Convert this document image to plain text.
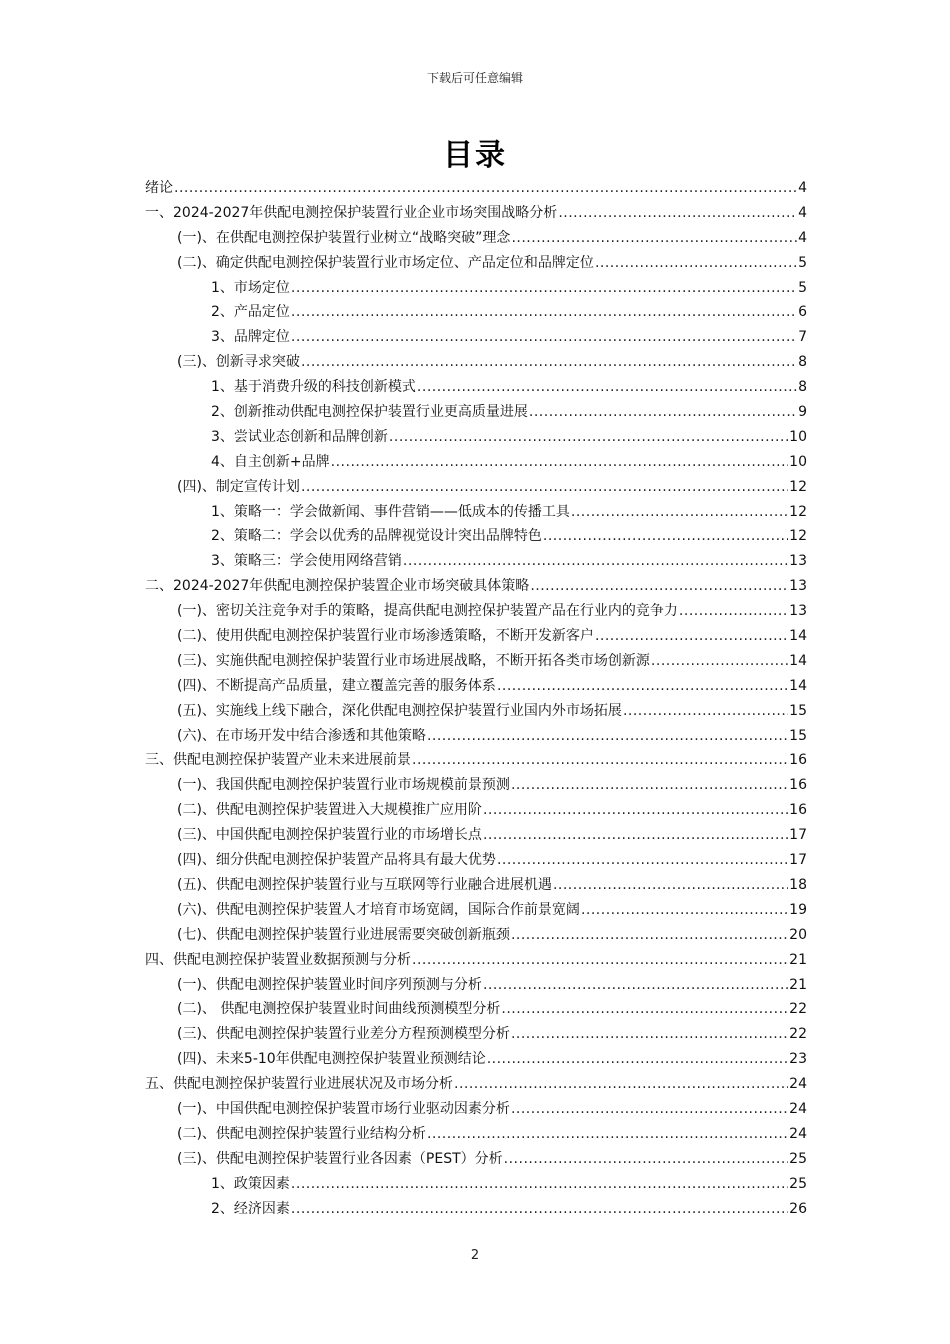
下载后可任意编辑
目录
绪论 .....	4
一、2024-2027年供配电测控保护装置行业企业市场突围战略分析 .....	4
(一)、在供配电测控保护装置行业树立“战略突破”理念 .....	4
(二)、确定供配电测控保护装置行业市场定位、产品定位和品牌定位 .....	5
1、市场定位 .....	5
2、产品定位 .....	6
3、品牌定位 .....	7
(三)、创新寻求突破 .....	8
1、基于消费升级的科技创新模式 .....	8
2、创新推动供配电测控保护装置行业更高质量进展 .....	9
3、尝试业态创新和品牌创新 .....	10
4、自主创新+品牌 .....	10
(四)、制定宣传计划 .....	12
1、策略一：学会做新闻、事件营销——低成本的传播工具 .....	12
2、策略二：学会以优秀的品牌视觉设计突出品牌特色 .....	12
3、策略三：学会使用网络营销 .....	13
二、2024-2027年供配电测控保护装置企业市场突破具体策略 .....	13
(一)、密切关注竞争对手的策略，提高供配电测控保护装置产品在行业内的竞争力 .....	13
(二)、使用供配电测控保护装置行业市场渗透策略，不断开发新客户 .....	14
(三)、实施供配电测控保护装置行业市场进展战略，不断开拓各类市场创新源 .....	14
(四)、不断提高产品质量，建立覆盖完善的服务体系 .....	14
(五)、实施线上线下融合，深化供配电测控保护装置行业国内外市场拓展 .....	15
(六)、在市场开发中结合渗透和其他策略 .....	15
三、供配电测控保护装置产业未来进展前景 .....	16
(一)、我国供配电测控保护装置行业市场规模前景预测 .....	16
(二)、供配电测控保护装置进入大规模推广应用阶 .....	16
(三)、中国供配电测控保护装置行业的市场增长点 .....	17
(四)、细分供配电测控保护装置产品将具有最大优势 .....	17
(五)、供配电测控保护装置行业与互联网等行业融合进展机遇 .....	18
(六)、供配电测控保护装置人才培育市场宽阔，国际合作前景宽阔 .....	19
(七)、供配电测控保护装置行业进展需要突破创新瓶颈 .....	20
四、供配电测控保护装置业数据预测与分析 .....	21
(一)、供配电测控保护装置业时间序列预测与分析 .....	21
(二)、 供配电测控保护装置业时间曲线预测模型分析 .....	22
(三)、供配电测控保护装置行业差分方程预测模型分析 .....	22
(四)、未来5-10年供配电测控保护装置业预测结论 .....	23
五、供配电测控保护装置行业进展状况及市场分析 .....	24
(一)、中国供配电测控保护装置市场行业驱动因素分析 .....	24
(二)、供配电测控保护装置行业结构分析 .....	24
(三)、供配电测控保护装置行业各因素（PEST）分析 .....	25
1、政策因素 .....	25
2、经济因素 .....	26
2
